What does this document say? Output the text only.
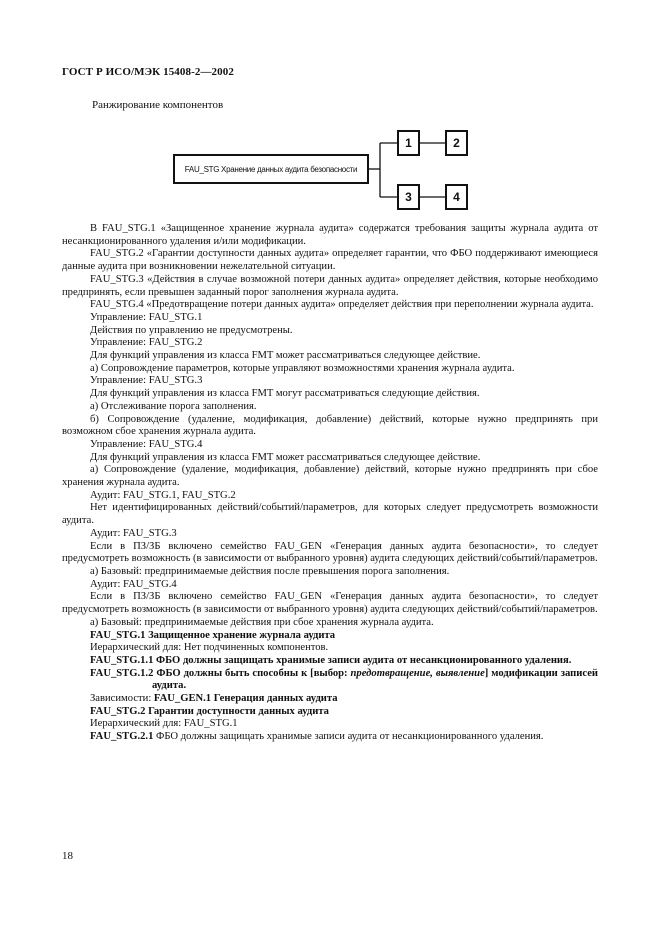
ГОСТ Р ИСО/МЭК 15408-2—2002
Ранжирование компонентов
FAU_STG Хранение данных аудита безопасности
1	2
3	4

В FAU_STG.1 «Защищенное хранение журнала аудита» содержатся требования защиты журнала аудита от несанкционированного удаления и/или модификации.

FAU_STG.2 «Гарантии доступности данных аудита» определяет гарантии, что ФБО поддерживают имеющиеся данные аудита при возникновении нежелательной ситуации.

FAU_STG.3 «Действия в случае возможной потери данных аудита» определяет действия, которые необходимо предпринять, если превышен заданный порог заполнения журнала аудита.

FAU_STG.4 «Предотвращение потери данных аудита» определяет действия при переполнении журнала аудита.

Управление: FAU_STG.1

Действия по управлению не предусмотрены.

Управление: FAU_STG.2

Для функций управления из класса FMT может рассматриваться следующее действие.

а) Сопровождение параметров, которые управляют возможностями хранения журнала аудита.

Управление: FAU_STG.3

Для функций управления из класса FMT могут рассматриваться следующие действия.

а) Отслеживание порога заполнения.

б) Сопровождение (удаление, модификация, добавление) действий, которые нужно предпринять при возможном сбое хранения журнала аудита.

Управление: FAU_STG.4

Для функций управления из класса FMT может рассматриваться следующее действие.

а) Сопровождение (удаление, модификация, добавление) действий, которые нужно предпринять при сбое хранения журнала аудита.

Аудит: FAU_STG.1, FAU_STG.2

Нет идентифицированных действий/событий/параметров, для которых следует предусмотреть возможности аудита.

Аудит: FAU_STG.3

Если в ПЗ/ЗБ включено семейство FAU_GEN «Генерация данных аудита безопасности», то следует предусмотреть возможность (в зависимости от выбранного уровня) аудита следующих действий/событий/параметров.

а) Базовый: предпринимаемые действия после превышения порога заполнения.

Аудит: FAU_STG.4

Если в ПЗ/ЗБ включено семейство FAU_GEN «Генерация данных аудита безопасности», то следует предусмотреть возможность (в зависимости от выбранного уровня) аудита следующих действий/событий/параметров.

а) Базовый: предпринимаемые действия при сбое хранения журнала аудита.

FAU_STG.1 Защищенное хранение журнала аудита

Иерархический для: Нет подчиненных компонентов.

FAU_STG.1.1 ФБО должны защищать хранимые записи аудита от несанкционированного удаления.

FAU_STG.1.2 ФБО должны быть способны к [выбор: предотвращение, выявление] модификации записей аудита.

Зависимости: FAU_GEN.1 Генерация данных аудита

FAU_STG.2 Гарантии доступности данных аудита

Иерархический для: FAU_STG.1

FAU_STG.2.1 ФБО должны защищать хранимые записи аудита от несанкционированного удаления.

18
